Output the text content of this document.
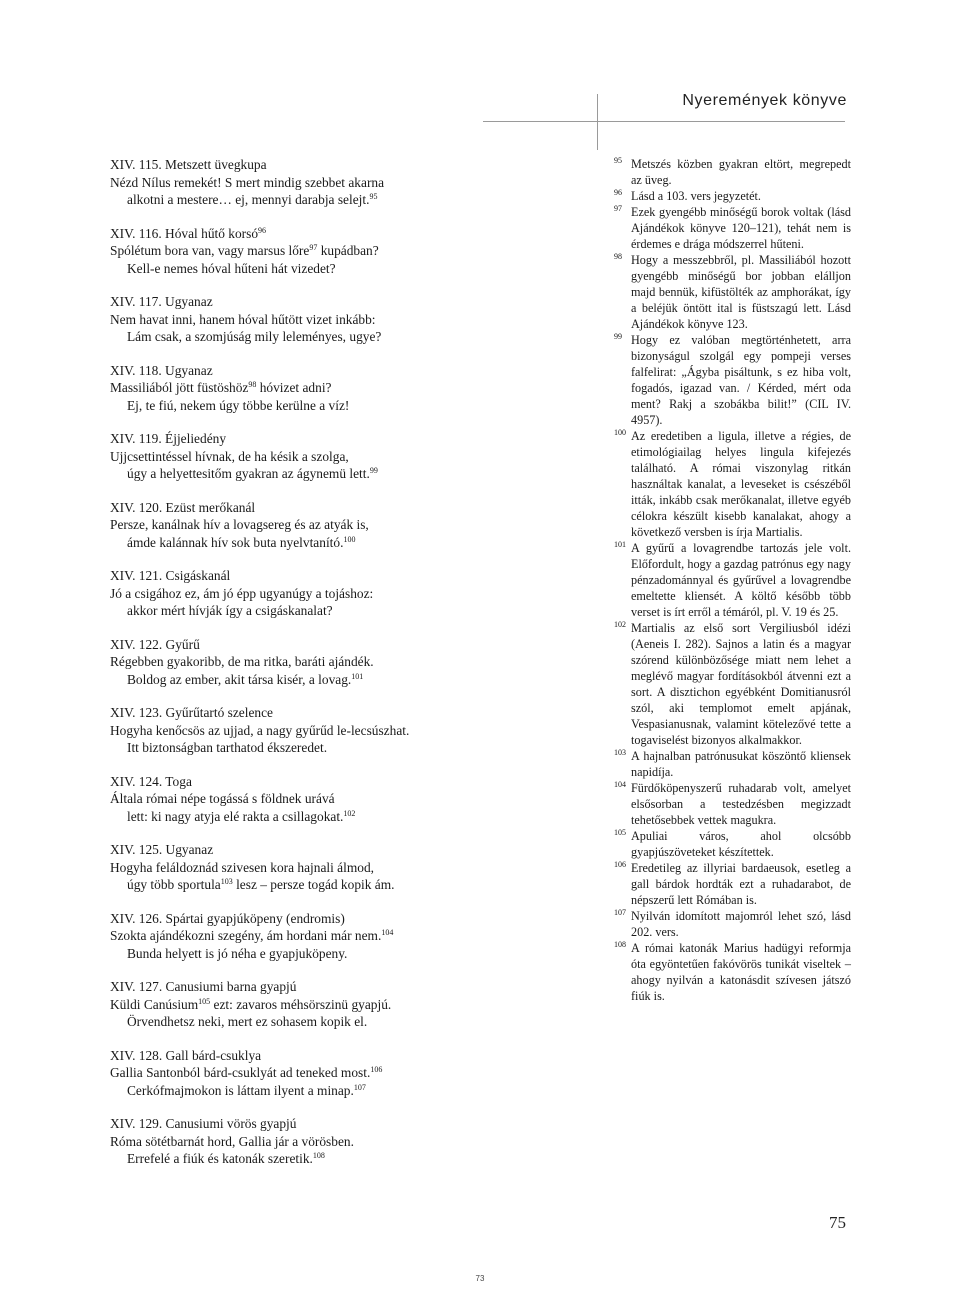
Nyeremények könyve
XIV. 115. Metszett üvegkupa
Nézd Nílus remekét! S mert mindig szebbet akarna
alkotni a mestere… ej, mennyi darabja selejt.$^{95}$
XIV. 116. Hóval hűtő korsó$^{96}$
Spólétum bora van, vagy marsus lőre$^{97}$ kupádban?
Kell-e nemes hóval hűteni hát vizedet?
XIV. 117. Ugyanaz
Nem havat inni, hanem hóval hűtött vizet inkább:
Lám csak, a szomjúság mily leleményes, ugye?
XIV. 118. Ugyanaz
Massiliából jött füstöshöz$^{98}$ hóvizet adni?
Ej, te fiú, nekem úgy többe kerülne a víz!
XIV. 119. Éjjeliedény
Ujjcsettintéssel hívnak, de ha késik a szolga,
úgy a helyettesitőm gyakran az ágynemü lett.$^{99}$
XIV. 120. Ezüst merőkanál
Persze, kanálnak hív a lovagsereg és az atyák is,
ámde kalánnak hív sok buta nyelvtanító.$^{100}$
XIV. 121. Csigáskanál
Jó a csigához ez, ám jó épp ugyanúgy a tojáshoz:
akkor mért hívják így a csigáskanalat?
XIV. 122. Gyűrű
Régebben gyakoribb, de ma ritka, baráti ajándék.
Boldog az ember, akit társa kisér, a lovag.$^{101}$
XIV. 123. Gyűrűtartó szelence
Hogyha kenőcsös az ujjad, a nagy gyűrűd le-lecsúszhat.
Itt biztonságban tarthatod ékszeredet.
XIV. 124. Toga
Általa római népe togássá s földnek urává
lett: ki nagy atyja elé rakta a csillagokat.$^{102}$
XIV. 125. Ugyanaz
Hogyha feláldoznád szivesen kora hajnali álmod,
úgy több sportula$^{103}$ lesz – persze togád kopik ám.
XIV. 126. Spártai gyapjúköpeny (endromis)
Szokta ajándékozni szegény, ám hordani már nem.$^{104}$
Bunda helyett is jó néha e gyapjuköpeny.
XIV. 127. Canusiumi barna gyapjú
Küldi Canúsium$^{105}$ ezt: zavaros méhsörszinü gyapjú.
Örvendhetsz neki, mert ez sohasem kopik el.
XIV. 128. Gall bárd-csuklya
Gallia Santonból bárd-csuklyát ad teneked most.$^{106}$
Cerkófmajmokon is láttam ilyent a minap.$^{107}$
XIV. 129. Canusiumi vörös gyapjú
Róma sötétbarnát hord, Gallia jár a vörösben.
Errefelé a fiúk és katonák szeretik.$^{108}$
95 Metszés közben gyakran eltört, megrepedt az üveg.
96 Lásd a 103. vers jegyzetét.
97 Ezek gyengébb minőségű borok voltak (lásd Ajándékok könyve 120–121), tehát nem is érdemes e drága módszerrel hűteni.
98 Hogy a messzebbről, pl. Massiliából hozott gyengébb minőségű bor jobban elálljon majd bennük, kifüstölték az amphorákat, így a beléjük öntött ital is füstszagú lett. Lásd Ajándékok könyve 123.
99 Hogy ez valóban megtörténhetett, arra bizonyságul szolgál egy pompeji verses falfelirat: „Ágyba pisáltunk, s ez hiba volt, fogadós, igazad van. / Kérded, mért oda ment? Rakj a szobákba bilit!” (CIL IV. 4957).
100 Az eredetiben a ligula, illetve a régies, de etimológiailag helyes lingula kifejezés található. A római viszonylag ritkán használtak kanalat, a leveseket is csészéből itták, inkább csak merőkanalat, illetve egyéb célokra készült kisebb kanalakat, ahogy a következő versben is írja Martialis.
101 A gyűrű a lovagrendbe tartozás jele volt. Előfordult, hogy a gazdag patrónus egy nagy pénzadománnyal és gyűrűvel a lovagrendbe emeltette kliensét. A költő később több verset is írt erről a témáról, pl. V. 19 és 25.
102 Martialis az első sort Vergiliusból idézi (Aeneis I. 282). Sajnos a latin és a magyar szórend különbözősége miatt nem lehet a meglévő magyar fordításokból átvenni ezt a sort. A disztichon egyébként Domitianusról szól, aki templomot emelt apjának, Vespasianusnak, valamint kötelezővé tette a togaviselést bizonyos alkalmakkor.
103 A hajnalban patrónusukat köszöntő kliensek napidíja.
104 Fürdőköpenyszerű ruhadarab volt, amelyet elsősorban a testedzésben megizzadt tehetősebbek vettek magukra.
105 Apuliai város, ahol olcsóbb gyapjúszöveteket készítettek.
106 Eredetileg az illyriai bardaeusok, esetleg a gall bárdok hordták ezt a ruhadarabot, de népszerű lett Rómában is.
107 Nyilván idomított majomról lehet szó, lásd 202. vers.
108 A római katonák Marius hadügyi reformja óta egyöntetűen fakóvörös tunikát viseltek – ahogy nyilván a katonásdit szívesen játszó fiúk is.
75
73
